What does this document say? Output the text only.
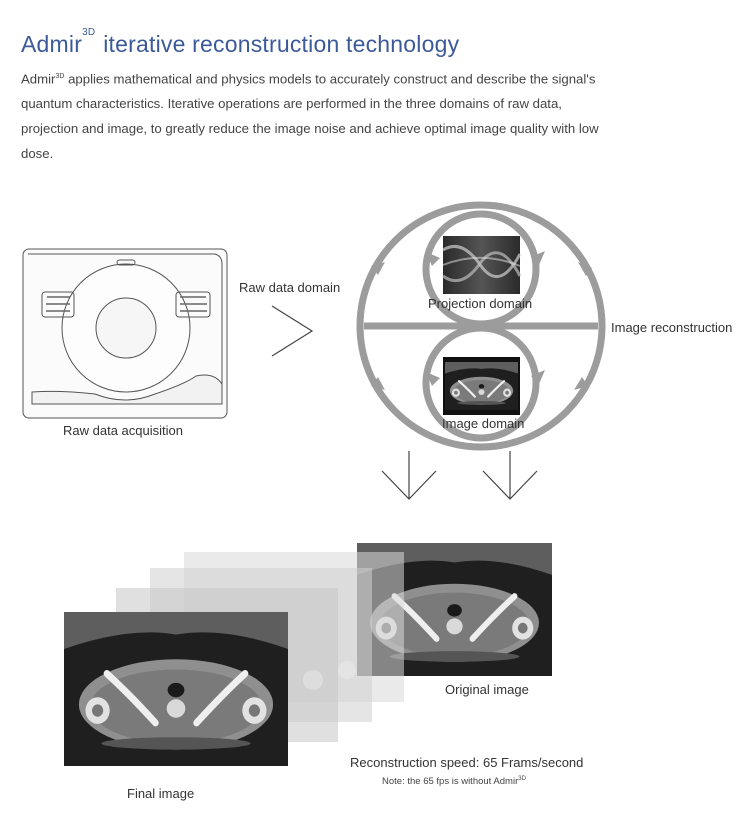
Admir$^{3D}$ iterative reconstruction technology

Admir$^{3D}$ applies mathematical and physics models to accurately construct and describe the signal's quantum characteristics. Iterative operations are performed in the three domains of raw data, projection and image, to greatly reduce the image noise and achieve optimal image quality with low dose.

Raw data acquisition
Raw data domain
Projection domain
Image domain
Image reconstruction
Original image
Final image
Reconstruction speed: 65 Frams/second
Note: the 65 fps is without Admir$^{3D}$
